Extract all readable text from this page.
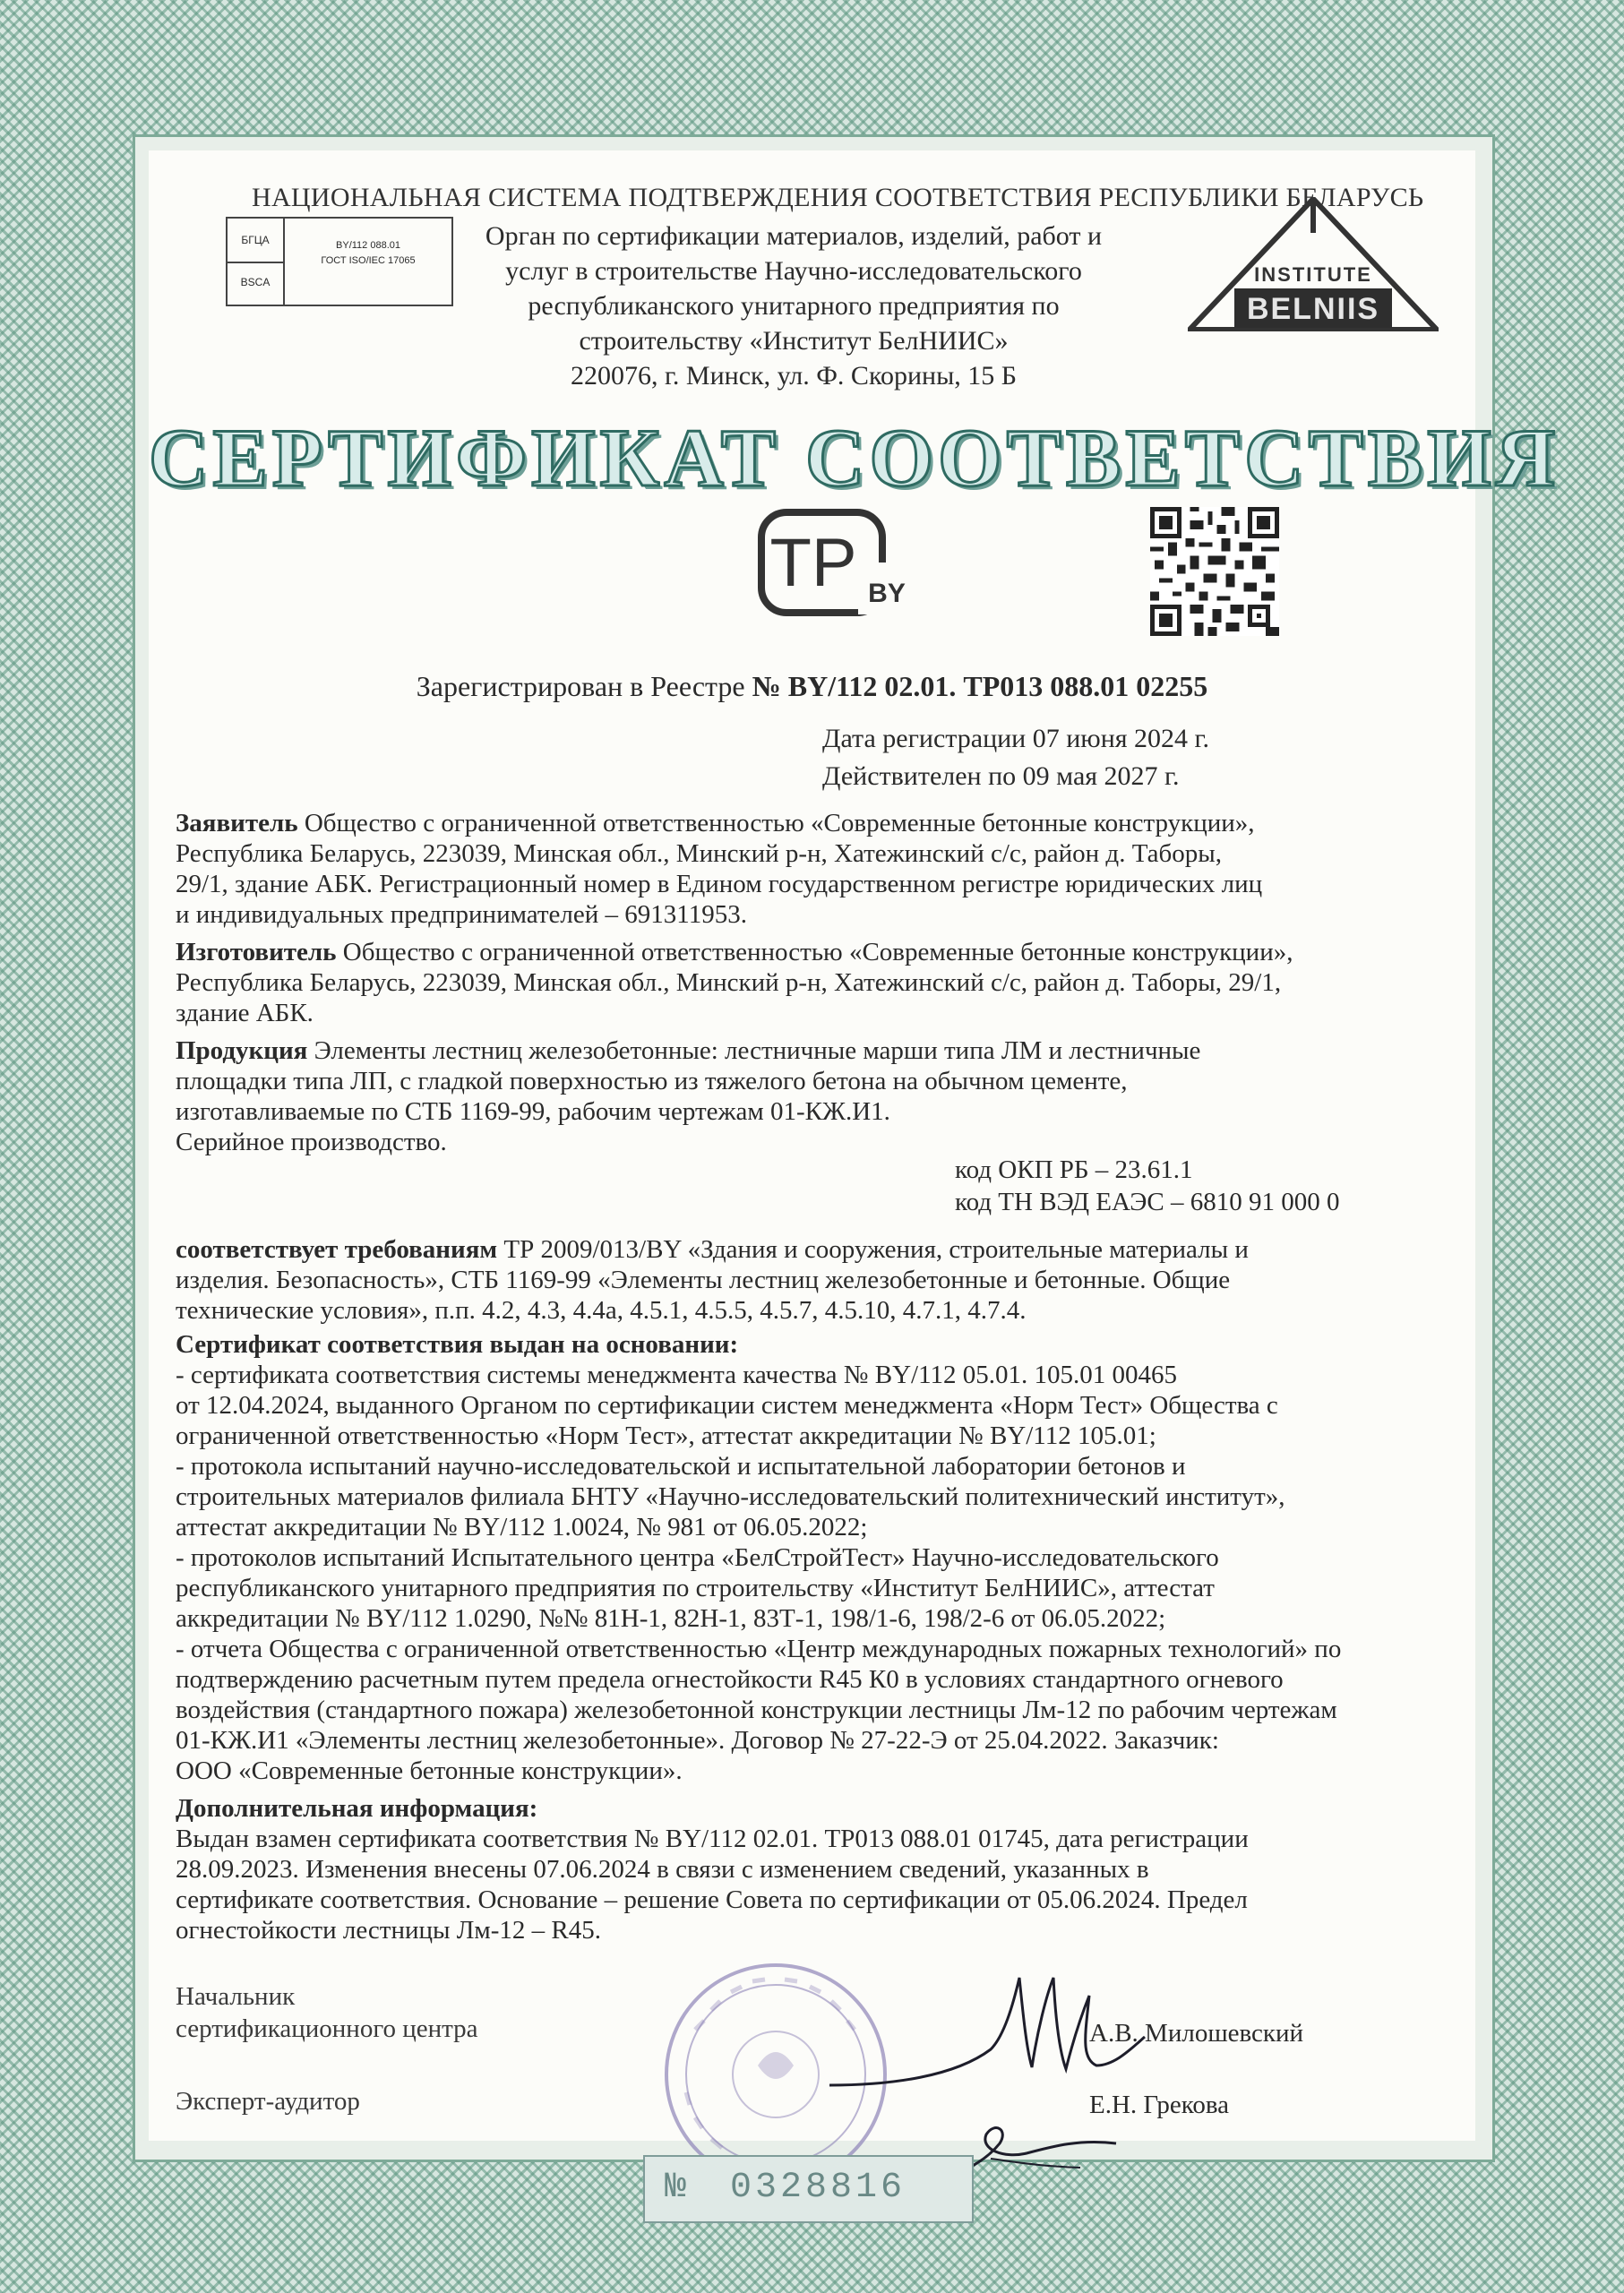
НАЦИОНАЛЬНАЯ СИСТЕМА ПОДТВЕРЖДЕНИЯ СООТВЕТСТВИЯ РЕСПУБЛИКИ БЕЛАРУСЬ
БГЦА
BSCA
BY/112 088.01
ГОСТ ISO/IEC 17065
Орган по сертификации материалов, изделий, работ и
услуг в строительстве Научно-исследовательского
республиканского унитарного предприятия по
строительству «Институт БелНИИС»
220076, г. Минск, ул. Ф. Скорины, 15 Б
INSTITUTE
BELNIIS
СЕРТИФИКАТ СООТВЕТСТВИЯ
TP BY
Зарегистрирован в Реестре № BY/112 02.01. ТР013 088.01 02255
Дата регистрации 07 июня 2024 г.
Действителен по 09 мая 2027 г.
Заявитель Общество с ограниченной ответственностью «Современные бетонные конструкции»,
Республика Беларусь, 223039, Минская обл., Минский р-н, Хатежинский с/с, район д. Таборы,
29/1, здание АБК. Регистрационный номер в Едином государственном регистре юридических лиц
и индивидуальных предпринимателей – 691311953.
Изготовитель Общество с ограниченной ответственностью «Современные бетонные конструкции»,
Республика Беларусь, 223039, Минская обл., Минский р-н, Хатежинский с/с, район д. Таборы, 29/1,
здание АБК.
Продукция Элементы лестниц железобетонные: лестничные марши типа ЛМ и лестничные
площадки типа ЛП, с гладкой поверхностью из тяжелого бетона на обычном цементе,
изготавливаемые по СТБ 1169-99, рабочим чертежам 01-КЖ.И1.
Серийное производство.
код ОКП РБ – 23.61.1
код ТН ВЭД ЕАЭС – 6810 91 000 0
соответствует требованиям ТР 2009/013/BY «Здания и сооружения, строительные материалы и
изделия. Безопасность», СТБ 1169-99 «Элементы лестниц железобетонные и бетонные. Общие
технические условия», п.п. 4.2, 4.3, 4.4а, 4.5.1, 4.5.5, 4.5.7, 4.5.10, 4.7.1, 4.7.4.
Сертификат соответствия выдан на основании:
- сертификата соответствия системы менеджмента качества № BY/112 05.01. 105.01 00465
от 12.04.2024, выданного Органом по сертификации систем менеджмента «Норм Тест» Общества с
ограниченной ответственностью «Норм Тест», аттестат аккредитации № BY/112 105.01;
- протокола испытаний научно-исследовательской и испытательной лаборатории бетонов и
строительных материалов филиала БНТУ «Научно-исследовательский политехнический институт»,
аттестат аккредитации № BY/112 1.0024, № 981 от 06.05.2022;
- протоколов испытаний Испытательного центра «БелСтройТест» Научно-исследовательского
республиканского унитарного предприятия по строительству «Институт БелНИИС», аттестат
аккредитации № BY/112 1.0290, №№ 81Н-1, 82Н-1, 83Т-1, 198/1-6, 198/2-6 от 06.05.2022;
- отчета Общества с ограниченной ответственностью «Центр международных пожарных технологий» по
подтверждению расчетным путем предела огнестойкости R45 К0 в условиях стандартного огневого
воздействия (стандартного пожара) железобетонной конструкции лестницы Лм-12 по рабочим чертежам
01-КЖ.И1 «Элементы лестниц железобетонные». Договор № 27-22-Э от 25.04.2022. Заказчик:
ООО «Современные бетонные конструкции».
Дополнительная информация:
Выдан взамен сертификата соответствия № BY/112 02.01. ТР013 088.01 01745, дата регистрации
28.09.2023. Изменения внесены 07.06.2024 в связи с изменением сведений, указанных в
сертификате соответствия. Основание – решение Совета по сертификации от 05.06.2024. Предел
огнестойкости лестницы Лм-12 – R45.
Начальник
сертификационного центра	А.В. Милошевский
Эксперт-аудитор	Е.Н. Грекова
№ 0328816
